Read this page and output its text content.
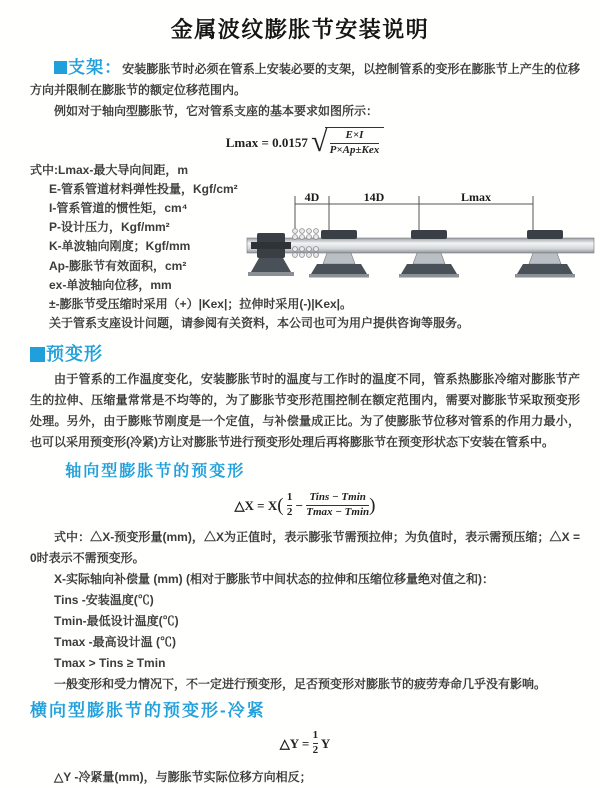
金属波纹膨胀节安装说明

支架：安装膨胀节时必须在管系上安装必要的支架，以控制管系的变形在膨胀节上产生的位移方向并限制在膨胀节的额定位移范围内。

例如对于轴向型膨胀节，它对管系支座的基本要求如图所示：

Lmax = 0.0157 √ $\frac{E\times I}{\text{P×Ap±Kex}}$
式中:Lmax-最大导向间距，m
E-管系管道材料弹性投量，Kgf/cm²
I-管系管道的惯性矩，cm⁴
P-设计压力，Kgf/mm²
K-单波轴向刚度；Kgf/mm
Ap-膨胀节有效面积，cm²
ex-单波轴向位移，mm
±-膨胀节受压缩时采用（+）|Kex|；拉伸时采用(-)|Kex|。
关于管系支座设计问题，请参阅有关资料，本公司也可为用户提供咨询等服务。

预变形

由于管系的工作温度变化，安装膨胀节时的温度与工作时的温度不同，管系热膨胀冷缩对膨胀节产生的拉伸、压缩量常常是不均等的，为了膨胀节变形范围控制在额定范围内，需要对膨胀节采取预变形处理。另外，由于膨账节刚度是一个定值，与补偿量成正比。为了使膨胀节位移对管系的作用力最小，也可以采用预变形(冷紧)方让对膨胀节进行预变形处理后再将膨胀节在预变形状态下安装在管系中。

轴向型膨胀节的预变形

△X = $X( \frac{1}{2} - \frac{\text{Tins − Tmin}}{Tmax - Tmin}$ )

式中：△X-预变形量(mm)，△X为正值时，表示膨张节需预拉伸；为负值时，表示需预压缩；△X = 0时表示不需预变形。

X-实际轴向补偿量 (mm) (相对于膨胀节中间状态的拉伸和压缩位移量绝对值之和)：

Tins -安装温度(℃)
Tmin-最低设计温度(℃)
Tmax -最高设计温 (℃)
Tmax > Tins ≥ Tmin

一般变形和受力情况下，不一定进行预变形，足否预变形对膨胀节的疲劳寿命几乎没有影响。

横向型膨胀节的预变形-冷紧

△Y = $\frac{1}{2}$ Y

△Y -冷紧量(mm)，与膨胀节实际位移方向相反；

4D	14D	Lmax
